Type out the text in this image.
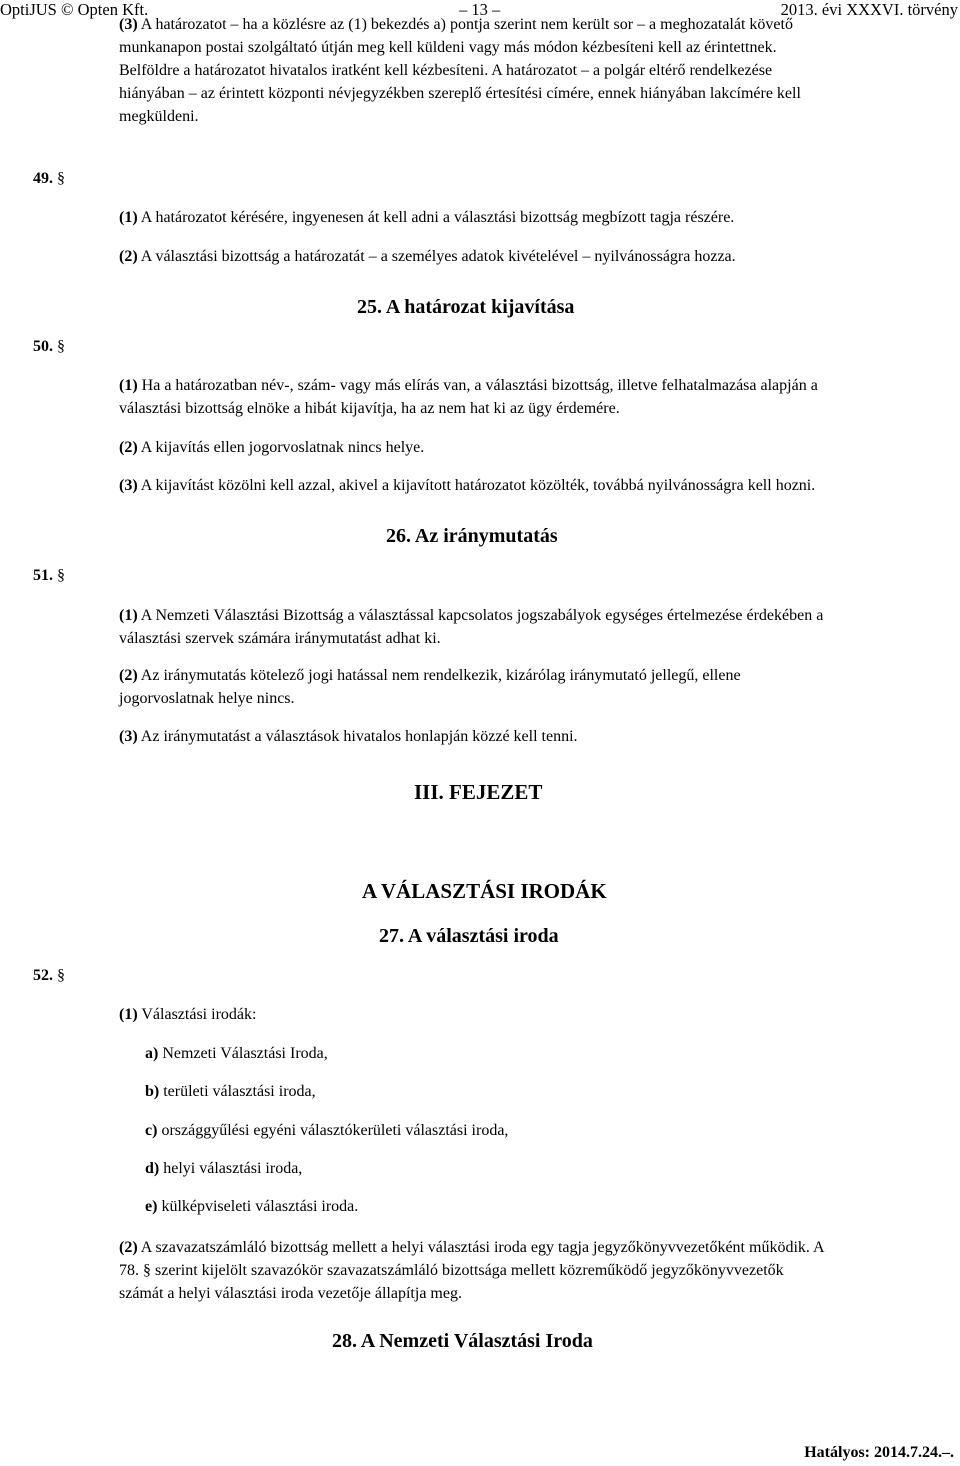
OptiJUS © Opten Kft.	– 13 –	2013. évi XXXVI. törvény
(3) A határozatot – ha a közlésre az (1) bekezdés a) pontja szerint nem került sor – a meghozatalát követő
munkanapon postai szolgáltató útján meg kell küldeni vagy más módon kézbesíteni kell az érintettnek.
Belföldre a határozatot hivatalos iratként kell kézbesíteni. A határozatot – a polgár eltérő rendelkezése
hiányában – az érintett központi névjegyzékben szereplő értesítési címére, ennek hiányában lakcímére kell
megküldeni.
49. §
(1) A határozatot kérésére, ingyenesen át kell adni a választási bizottság megbízott tagja részére.
(2) A választási bizottság a határozatát – a személyes adatok kivételével – nyilvánosságra hozza.
25. A határozat kijavítása
50. §
(1) Ha a határozatban név-, szám- vagy más elírás van, a választási bizottság, illetve felhatalmazása alapján a
választási bizottság elnöke a hibát kijavítja, ha az nem hat ki az ügy érdemére.
(2) A kijavítás ellen jogorvoslatnak nincs helye.
(3) A kijavítást közölni kell azzal, akivel a kijavított határozatot közölték, továbbá nyilvánosságra kell hozni.
26. Az iránymutatás
51. §
(1) A Nemzeti Választási Bizottság a választással kapcsolatos jogszabályok egységes értelmezése érdekében a
választási szervek számára iránymutatást adhat ki.
(2) Az iránymutatás kötelező jogi hatással nem rendelkezik, kizárólag iránymutató jellegű, ellene
jogorvoslatnak helye nincs.
(3) Az iránymutatást a választások hivatalos honlapján közzé kell tenni.
III. FEJEZET
A VÁLASZTÁSI IRODÁK
27. A választási iroda
52. §
(1) Választási irodák:
a) Nemzeti Választási Iroda,
b) területi választási iroda,
c) országgyűlési egyéni választókerületi választási iroda,
d) helyi választási iroda,
e) külképviseleti választási iroda.
(2) A szavazatszámláló bizottság mellett a helyi választási iroda egy tagja jegyzőkönyvvezetőként működik. A
78. § szerint kijelölt szavazókör szavazatszámláló bizottsága mellett közreműködő jegyzőkönyvvezetők
számát a helyi választási iroda vezetője állapítja meg.
28. A Nemzeti Választási Iroda
Hatályos: 2014.7.24.–.
